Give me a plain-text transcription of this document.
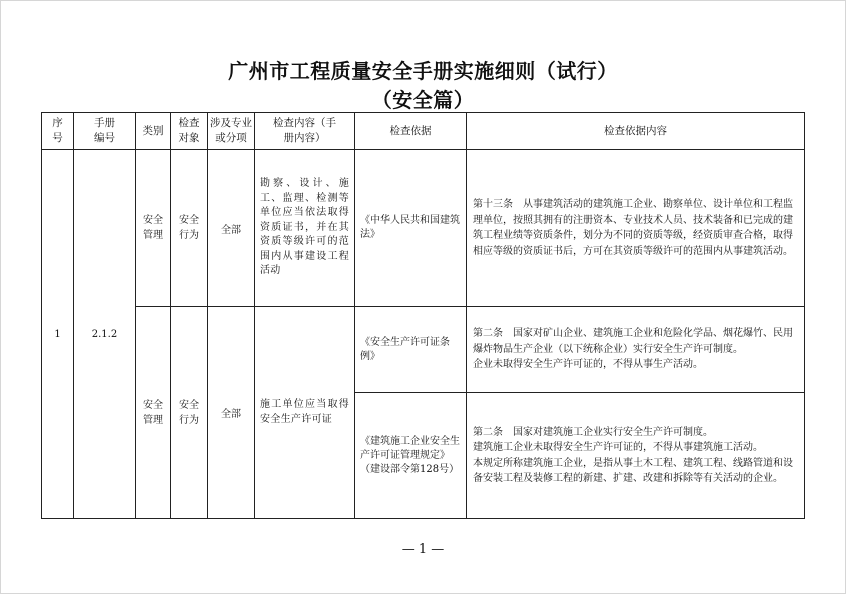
广州市工程质量安全手册实施细则（试行）
（安全篇）
序号	手册编号	类别	检查对象	涉及专业或分项	检查内容（手册内容）	检查依据	检查依据内容
1	2.1.2	安全管理	安全行为	全部	勘察、设计、施工、监理、检测等单位应当依法取得资质证书，并在其资质等级许可的范围内从事建设工程活动	《中华人民共和国建筑法》	第十三条　从事建筑活动的建筑施工企业、勘察单位、设计单位和工程监理单位，按照其拥有的注册资本、专业技术人员、技术装备和已完成的建筑工程业绩等资质条件，划分为不同的资质等级，经资质审查合格，取得相应等级的资质证书后，方可在其资质等级许可的范围内从事建筑活动。

		安全管理	安全行为	全部	施工单位应当取得安全生产许可证	《安全生产许可证条例》	第二条　国家对矿山企业、建筑施工企业和危险化学品、烟花爆竹、民用爆炸物品生产企业（以下统称企业）实行安全生产许可制度。

企业未取得安全生产许可证的，不得从事生产活动。

						《建筑施工企业安全生产许可证管理规定》（建设部令第128号）	第二条　国家对建筑施工企业实行安全生产许可制度。

建筑施工企业未取得安全生产许可证的，不得从事建筑施工活动。

本规定所称建筑施工企业，是指从事土木工程、建筑工程、线路管道和设备安装工程及装修工程的新建、扩建、改建和拆除等有关活动的企业。

— 1 —
